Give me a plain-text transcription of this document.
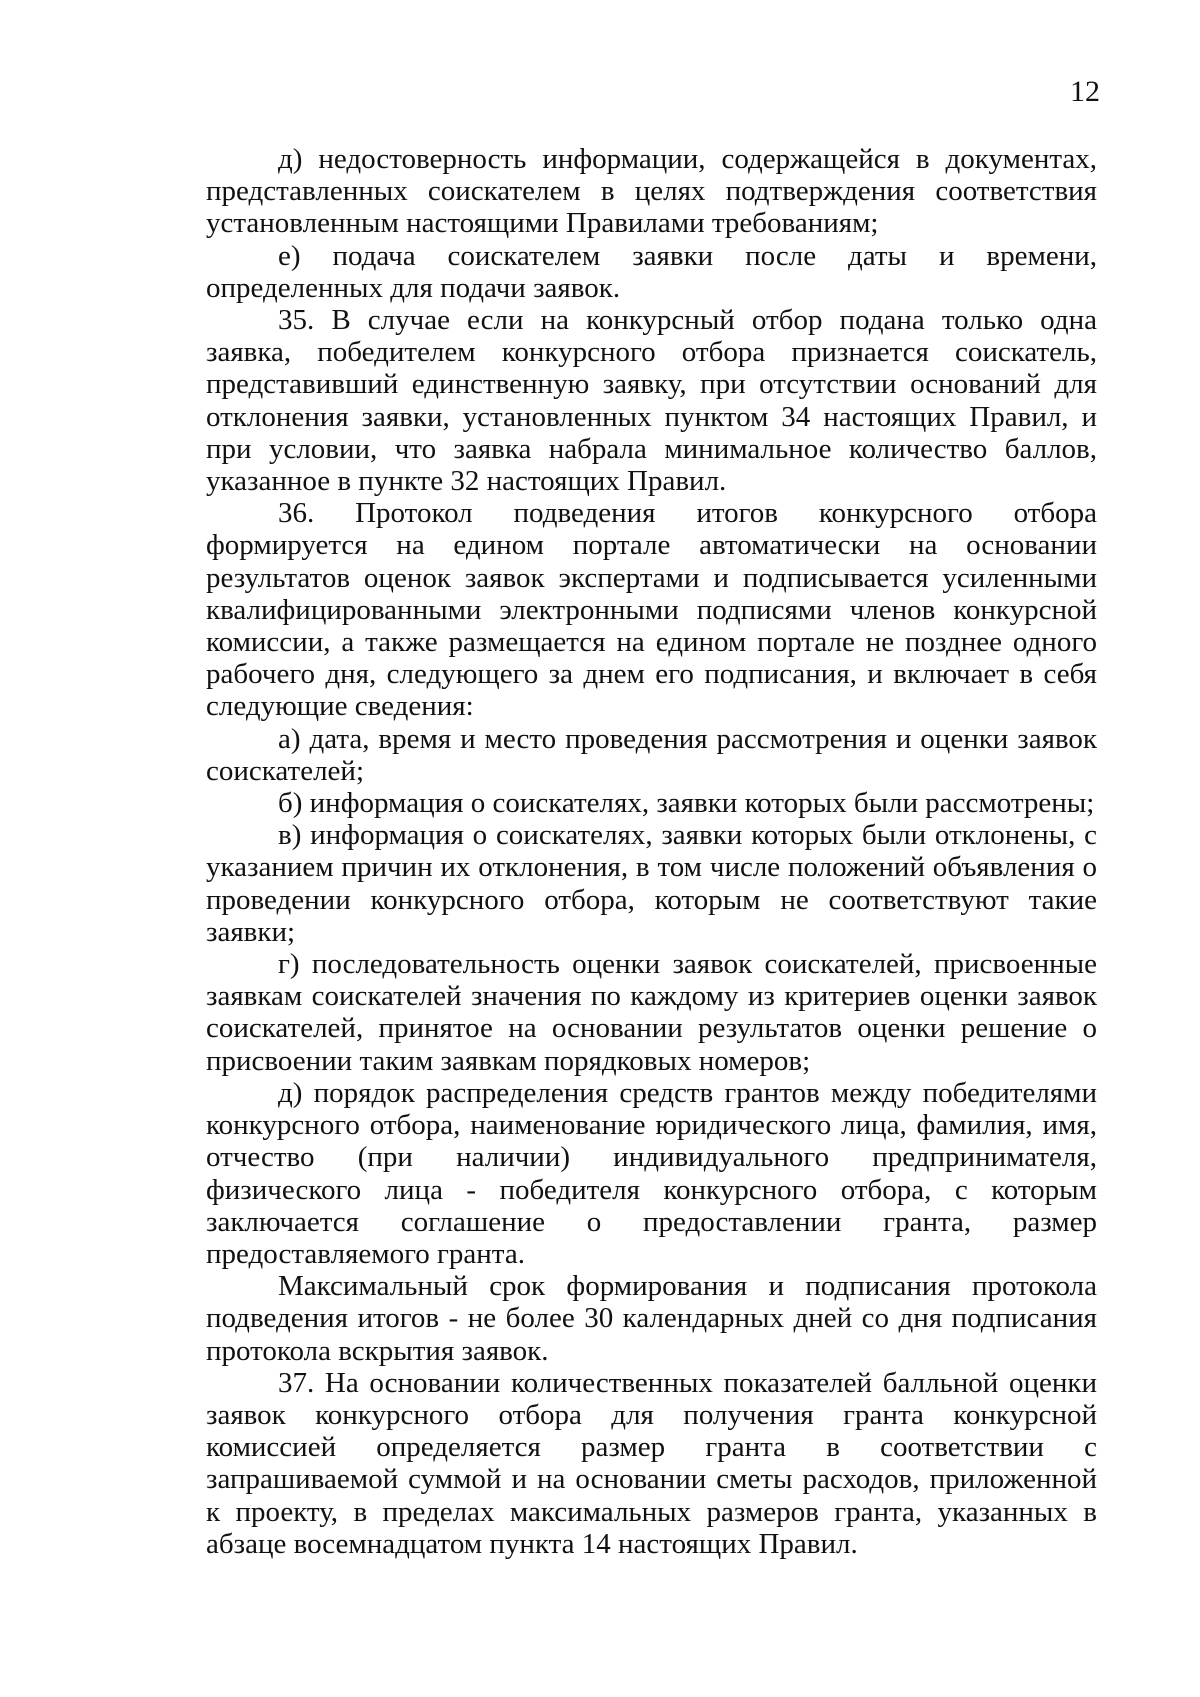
12

д) недостоверность информации, содержащейся в документах, представленных соискателем в целях подтверждения соответствия установленным настоящими Правилами требованиям;

е) подача соискателем заявки после даты и времени, определенных для подачи заявок.

35. В случае если на конкурсный отбор подана только одна заявка, победителем конкурсного отбора признается соискатель, представивший единственную заявку, при отсутствии оснований для отклонения заявки, установленных пунктом 34 настоящих Правил, и при условии, что заявка набрала минимальное количество баллов, указанное в пункте 32 настоящих Правил.

36. Протокол подведения итогов конкурсного отбора формируется на едином портале автоматически на основании результатов оценок заявок экспертами и подписывается усиленными квалифицированными электронными подписями членов конкурсной комиссии, а также размещается на едином портале не позднее одного рабочего дня, следующего за днем его подписания, и включает в себя следующие сведения:

а) дата, время и место проведения рассмотрения и оценки заявок соискателей;

б) информация о соискателях, заявки которых были рассмотрены;

в) информация о соискателях, заявки которых были отклонены, с указанием причин их отклонения, в том числе положений объявления о проведении конкурсного отбора, которым не соответствуют такие заявки;

г) последовательность оценки заявок соискателей, присвоенные заявкам соискателей значения по каждому из критериев оценки заявок соискателей, принятое на основании результатов оценки решение о присвоении таким заявкам порядковых номеров;

д) порядок распределения средств грантов между победителями конкурсного отбора, наименование юридического лица, фамилия, имя, отчество (при наличии) индивидуального предпринимателя, физического лица - победителя конкурсного отбора, с которым заключается соглашение о предоставлении гранта, размер предоставляемого гранта.

Максимальный срок формирования и подписания протокола подведения итогов - не более 30 календарных дней со дня подписания протокола вскрытия заявок.

37. На основании количественных показателей балльной оценки заявок конкурсного отбора для получения гранта конкурсной комиссией определяется размер гранта в соответствии с запрашиваемой суммой и на основании сметы расходов, приложенной к проекту, в пределах максимальных размеров гранта, указанных в абзаце восемнадцатом пункта 14 настоящих Правил.
